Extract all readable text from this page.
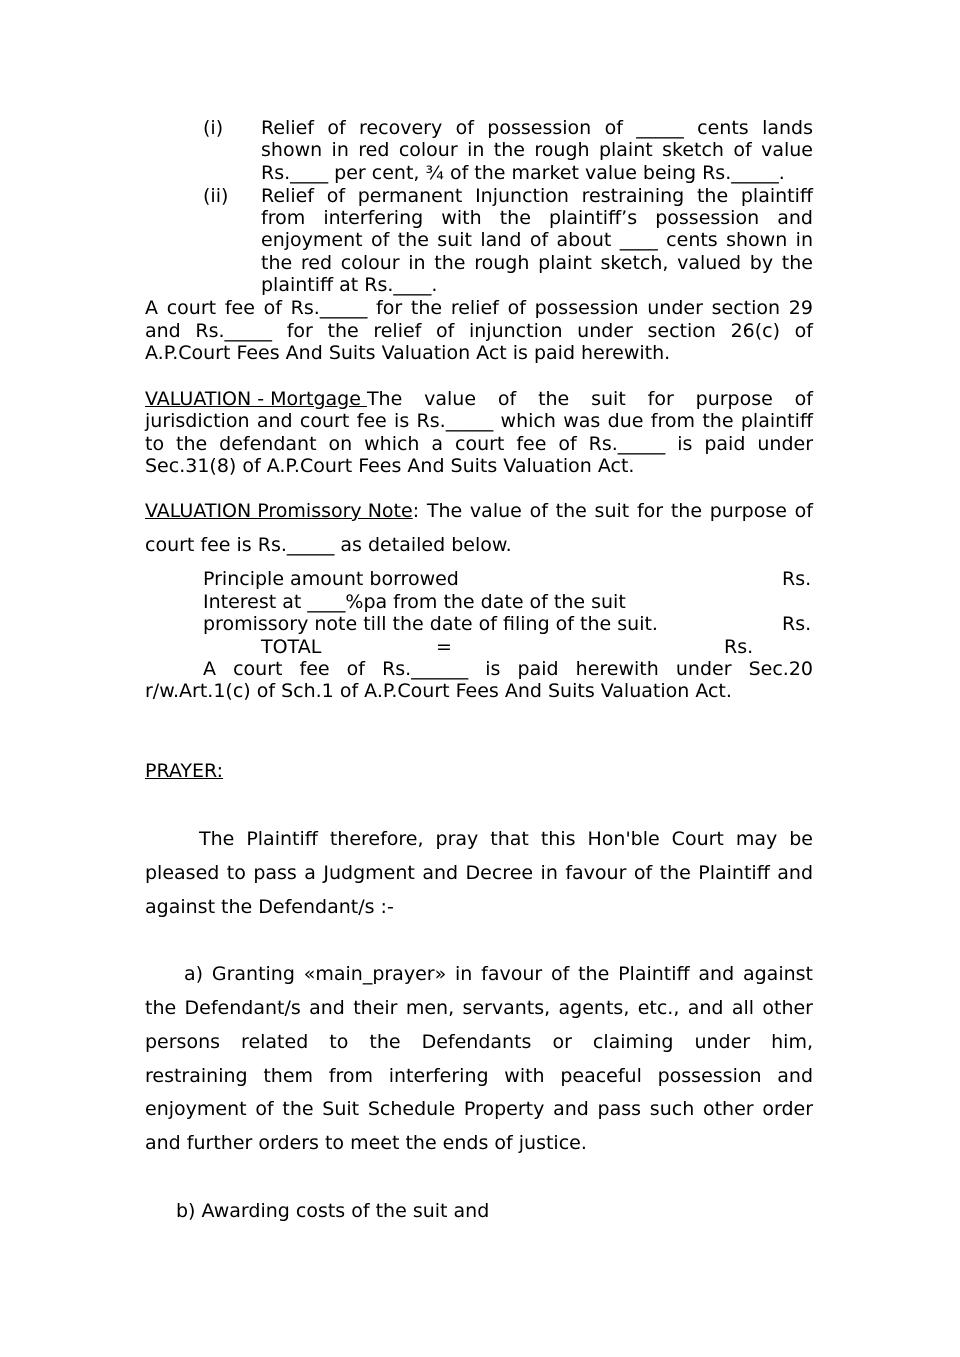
(i) Relief of recovery of possession of _____ cents lands
shown in red colour in the rough plaint sketch of value
Rs.____ per cent, ¾ of the market value being Rs._____.
(ii) Relief of permanent Injunction restraining the plaintiff
from interfering with the plaintiff’s possession and
enjoyment of the suit land of about ____ cents shown in
the red colour in the rough plaint sketch, valued by the
plaintiff at Rs.____.
A court fee of Rs._____ for the relief of possession under section 29
and Rs._____ for the relief of injunction under section 26(c) of
A.P.Court Fees And Suits Valuation Act is paid herewith.
VALUATION - Mortgage The value of the suit for purpose of
jurisdiction and court fee is Rs._____ which was due from the plaintiff
to the defendant on which a court fee of Rs._____ is paid under
Sec.31(8) of A.P.Court Fees And Suits Valuation Act.
VALUATION Promissory Note : The value of the suit for the purpose of
court fee is Rs._____ as detailed below.
Principle amount borrowed	Rs.
Interest at ____%pa from the date of the suit
promissory note till the date of filing of the suit.	Rs.
TOTAL	=	Rs.
A court fee of Rs.______ is paid herewith under Sec.20
r/w.Art.1(c) of Sch.1 of A.P.Court Fees And Suits Valuation Act.
PRAYER:
The Plaintiff therefore, pray that this Hon'ble Court may be
pleased to pass a Judgment and Decree in favour of the Plaintiff and
against the Defendant/s :-
a) Granting «main_prayer» in favour of the Plaintiff and against
the Defendant/s and their men, servants, agents, etc., and all other
persons related to the Defendants or claiming under him,
restraining them from interfering with peaceful possession and
enjoyment of the Suit Schedule Property and pass such other order
and further orders to meet the ends of justice.
b) Awarding costs of the suit and
